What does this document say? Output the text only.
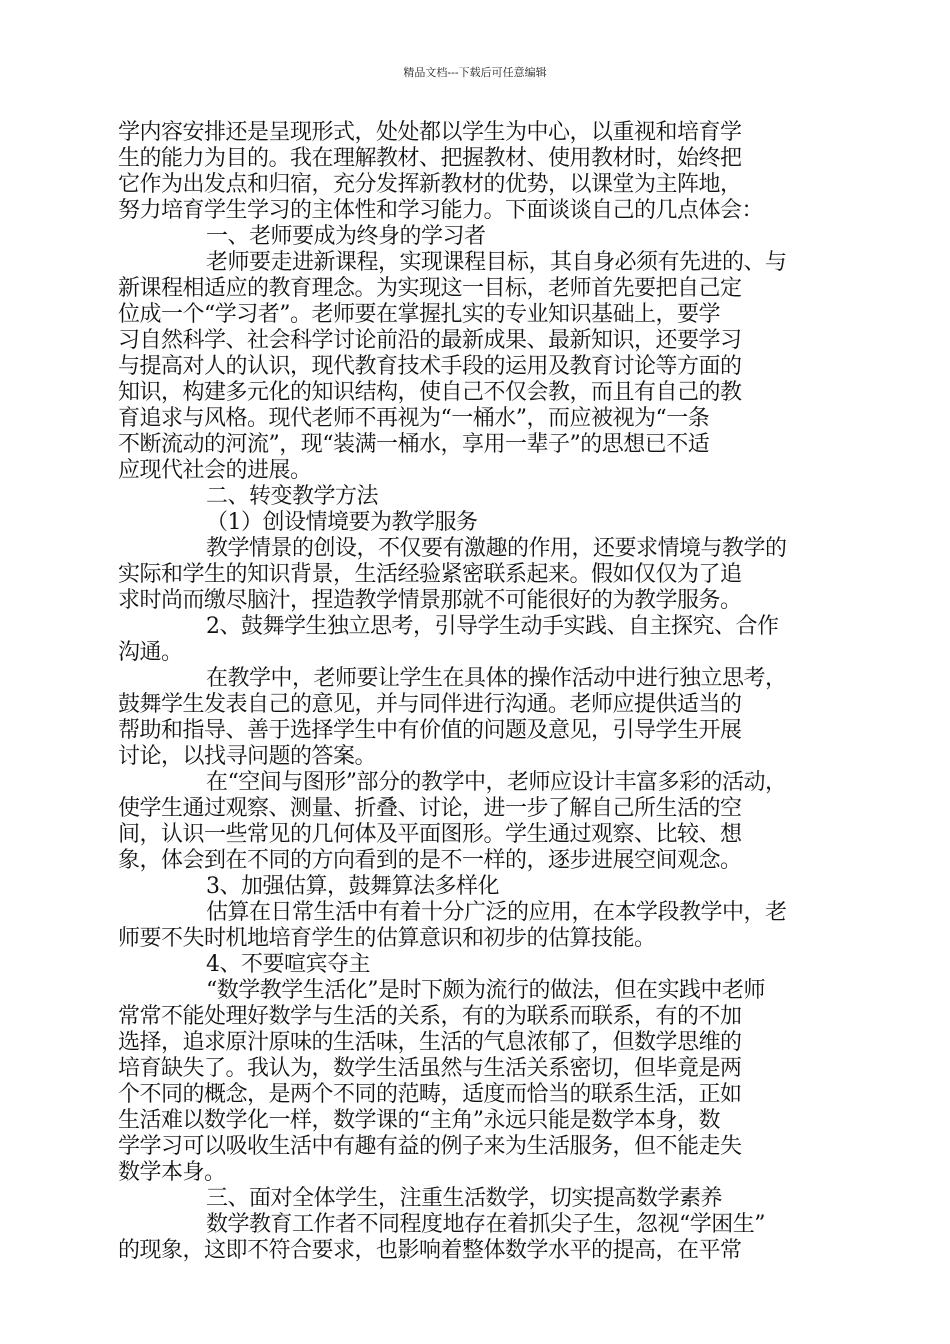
精品文档---下载后可任意编辑
学内容安排还是呈现形式，处处都以学生为中心，以重视和培育学
生的能力为目的。我在理解教材、把握教材、使用教材时，始终把
它作为出发点和归宿，充分发挥新教材的优势，以课堂为主阵地，
努力培育学生学习的主体性和学习能力。下面谈谈自己的几点体会：
一、老师要成为终身的学习者
老师要走进新课程，实现课程目标，其自身必须有先进的、与
新课程相适应的教育理念。为实现这一目标，老师首先要把自己定
位成一个“学习者”。老师要在掌握扎实的专业知识基础上，要学
习自然科学、社会科学讨论前沿的最新成果、最新知识，还要学习
与提高对人的认识，现代教育技术手段的运用及教育讨论等方面的
知识，构建多元化的知识结构，使自己不仅会教，而且有自己的教
育追求与风格。现代老师不再视为“一桶水”，而应被视为“一条
不断流动的河流”，现“装满一桶水，享用一辈子”的思想已不适
应现代社会的进展。
二、转变教学方法
（1）创设情境要为教学服务
教学情景的创设，不仅要有激趣的作用，还要求情境与教学的
实际和学生的知识背景，生活经验紧密联系起来。假如仅仅为了追
求时尚而缴尽脑汁，捏造教学情景那就不可能很好的为教学服务。
2、鼓舞学生独立思考，引导学生动手实践、自主探究、合作
沟通。
在教学中，老师要让学生在具体的操作活动中进行独立思考，
鼓舞学生发表自己的意见，并与同伴进行沟通。老师应提供适当的
帮助和指导、善于选择学生中有价值的问题及意见，引导学生开展
讨论，以找寻问题的答案。
在“空间与图形”部分的教学中，老师应设计丰富多彩的活动，
使学生通过观察、测量、折叠、讨论，进一步了解自己所生活的空
间，认识一些常见的几何体及平面图形。学生通过观察、比较、想
象，体会到在不同的方向看到的是不一样的，逐步进展空间观念。
3、加强估算，鼓舞算法多样化
估算在日常生活中有着十分广泛的应用，在本学段教学中，老
师要不失时机地培育学生的估算意识和初步的估算技能。
4、不要喧宾夺主
“数学教学生活化”是时下颇为流行的做法，但在实践中老师
常常不能处理好数学与生活的关系，有的为联系而联系，有的不加
选择，追求原汁原味的生活味，生活的气息浓郁了，但数学思维的
培育缺失了。我认为，数学生活虽然与生活关系密切，但毕竟是两
个不同的概念，是两个不同的范畴，适度而恰当的联系生活，正如
生活难以数学化一样，数学课的“主角”永远只能是数学本身，数
学学习可以吸收生活中有趣有益的例子来为生活服务，但不能走失
数学本身。
三、面对全体学生，注重生活数学，切实提高数学素养
数学教育工作者不同程度地存在着抓尖子生，忽视“学困生”
的现象，这即不符合要求，也影响着整体数学水平的提高，在平常
